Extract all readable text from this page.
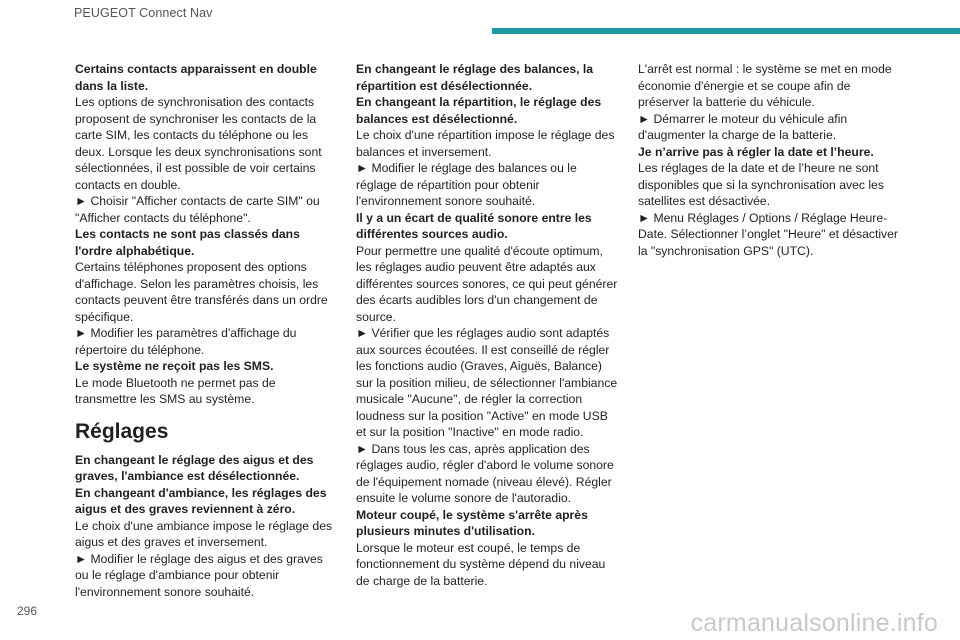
PEUGEOT Connect Nav

Certains contacts apparaissent en double dans la liste.

Les options de synchronisation des contacts proposent de synchroniser les contacts de la carte SIM, les contacts du téléphone ou les deux. Lorsque les deux synchronisations sont sélectionnées, il est possible de voir certains contacts en double.

► Choisir "Afficher contacts de carte SIM" ou "Afficher contacts du téléphone".

Les contacts ne sont pas classés dans l'ordre alphabétique.

Certains téléphones proposent des options d'affichage. Selon les paramètres choisis, les contacts peuvent être transférés dans un ordre spécifique.

► Modifier les paramètres d'affichage du répertoire du téléphone.

Le système ne reçoit pas les SMS.

Le mode Bluetooth ne permet pas de transmettre les SMS au système.

Réglages

En changeant le réglage des aigus et des graves, l'ambiance est désélectionnée.

En changeant d'ambiance, les réglages des aigus et des graves reviennent à zéro.

Le choix d'une ambiance impose le réglage des aigus et des graves et inversement.

► Modifier le réglage des aigus et des graves ou le réglage d'ambiance pour obtenir l'environnement sonore souhaité.

En changeant le réglage des balances, la répartition est désélectionnée.

En changeant la répartition, le réglage des balances est désélectionné.

Le choix d'une répartition impose le réglage des balances et inversement.

► Modifier le réglage des balances ou le réglage de répartition pour obtenir l'environnement sonore souhaité.

Il y a un écart de qualité sonore entre les différentes sources audio.

Pour permettre une qualité d'écoute optimum, les réglages audio peuvent être adaptés aux différentes sources sonores, ce qui peut générer des écarts audibles lors d'un changement de source.

► Vérifier que les réglages audio sont adaptés aux sources écoutées. Il est conseillé de régler les fonctions audio (Graves, Aiguës, Balance) sur la position milieu, de sélectionner l'ambiance musicale "Aucune", de régler la correction loudness sur la position "Active" en mode USB et sur la position "Inactive" en mode radio.

► Dans tous les cas, après application des réglages audio, régler d'abord le volume sonore de l'équipement nomade (niveau élevé). Régler ensuite le volume sonore de l'autoradio.

Moteur coupé, le système s'arrête après plusieurs minutes d'utilisation.

Lorsque le moteur est coupé, le temps de fonctionnement du système dépend du niveau de charge de la batterie.

L'arrêt est normal : le système se met en mode économie d'énergie et se coupe afin de préserver la batterie du véhicule.

► Démarrer le moteur du véhicule afin d'augmenter la charge de la batterie.

Je n’arrive pas à régler la date et l’heure.

Les réglages de la date et de l’heure ne sont disponibles que si la synchronisation avec les satellites est désactivée.

► Menu Réglages / Options / Réglage Heure-Date. Sélectionner l’onglet "Heure" et désactiver la "synchronisation GPS" (UTC).

296	carmanualsonline.info
